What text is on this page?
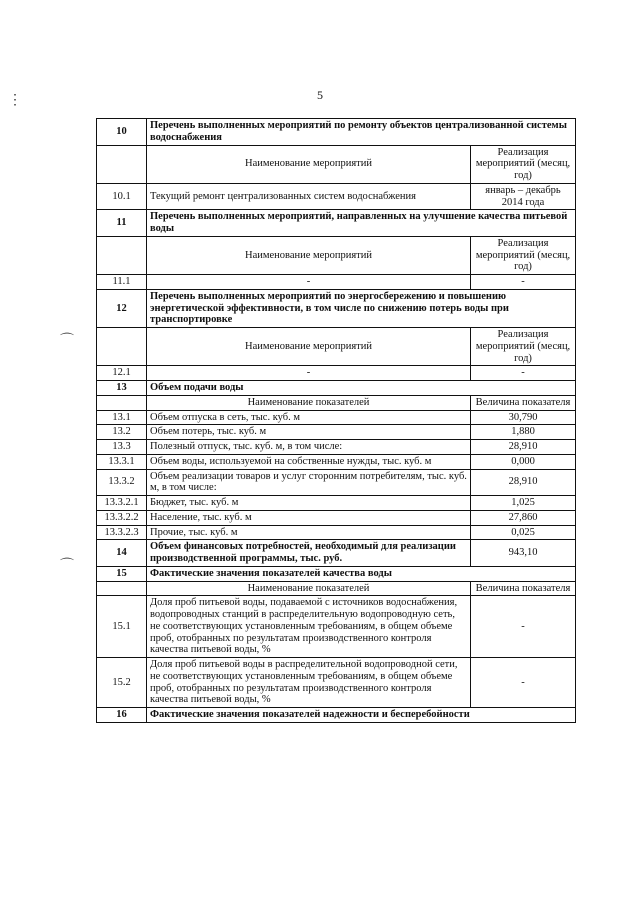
5
⋮
⌒
⌒
10	Перечень выполненных мероприятий по ремонту объектов централизованной системы водоснабжения	
	Наименование мероприятий	Реализация мероприятий (месяц, год)
10.1	Текущий ремонт централизованных систем водоснабжения	январь – декабрь 2014 года
11	Перечень выполненных мероприятий, направленных на улучшение качества питьевой воды	
	Наименование мероприятий	Реализация мероприятий (месяц, год)
11.1	-	-
12	Перечень выполненных мероприятий по энергосбережению и повышению энергетической эффективности, в том числе по снижению потерь воды при транспортировке	
	Наименование мероприятий	Реализация мероприятий (месяц, год)
12.1	-	-
13	Объем подачи воды	
	Наименование показателей	Величина показателя
13.1	Объем отпуска в сеть, тыс. куб. м	30,790
13.2	Объем потерь, тыс. куб. м	1,880
13.3	Полезный отпуск, тыс. куб. м, в том числе:	28,910
13.3.1	Объем воды, используемой на собственные нужды, тыс. куб. м	0,000
13.3.2	Объем реализации товаров и услуг сторонним потребителям, тыс. куб. м, в том числе:	28,910
13.3.2.1	Бюджет, тыс. куб. м	1,025
13.3.2.2	Население, тыс. куб. м	27,860
13.3.2.3	Прочие, тыс. куб. м	0,025
14	Объем финансовых потребностей, необходимый для реализации производственной программы, тыс. руб.	943,10
15	Фактические значения показателей качества воды	
	Наименование показателей	Величина показателя
15.1	Доля проб питьевой воды, подаваемой с источников водоснабжения, водопроводных станций в распределительную водопроводную сеть, не соответствующих установленным требованиям, в общем объеме проб, отобранных по результатам производственного контроля качества питьевой воды, %	-
15.2	Доля проб питьевой воды в распределительной водопроводной сети, не соответствующих установленным требованиям, в общем объеме проб, отобранных по результатам производственного контроля качества питьевой воды, %	-
16	Фактические значения показателей надежности и бесперебойности	
